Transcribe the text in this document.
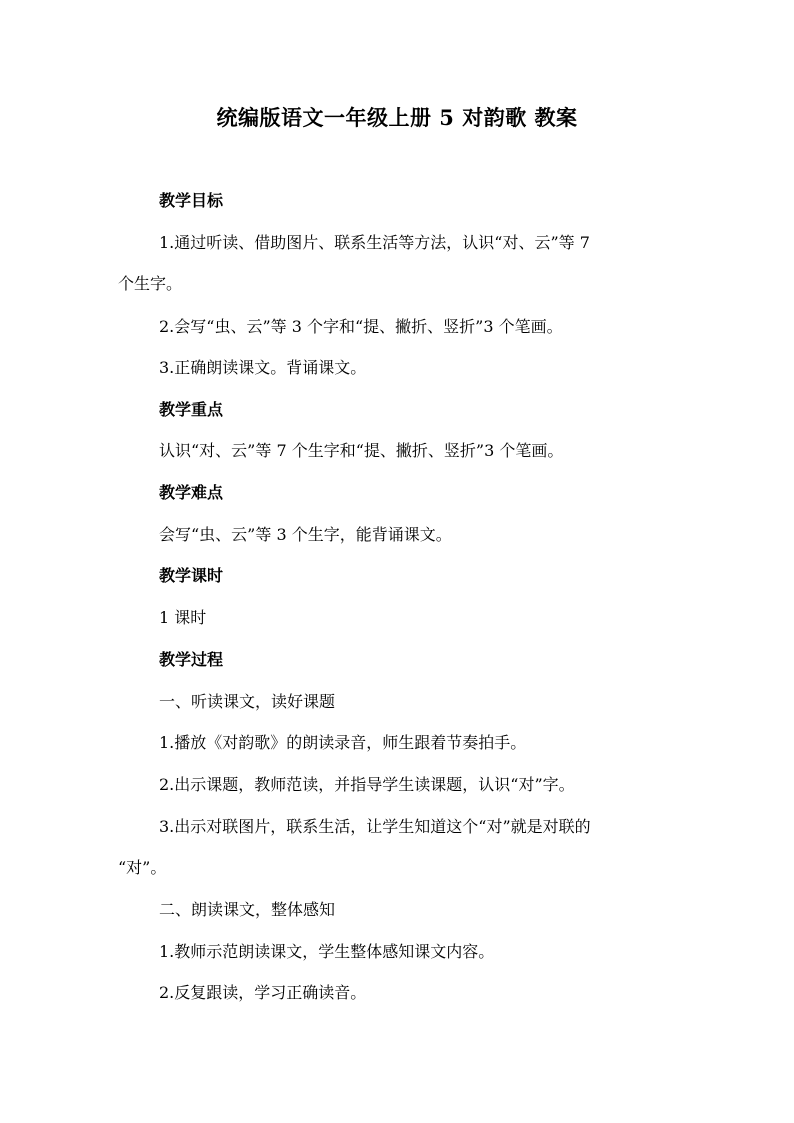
统编版语文一年级上册 5 对韵歌 教案
教学目标
1.通过听读、借助图片、联系生活等方法，认识“对、云”等 7
个生字。
2.会写“虫、云”等 3 个字和“提、撇折、竖折”3 个笔画。
3.正确朗读课文。背诵课文。
教学重点
认识“对、云”等 7 个生字和“提、撇折、竖折”3 个笔画。
教学难点
会写“虫、云”等 3 个生字，能背诵课文。
教学课时
1 课时
教学过程
一、听读课文，读好课题
1.播放《对韵歌》的朗读录音，师生跟着节奏拍手。
2.出示课题，教师范读，并指导学生读课题，认识“对”字。
3.出示对联图片，联系生活，让学生知道这个“对”就是对联的
“对”。
二、朗读课文，整体感知
1.教师示范朗读课文，学生整体感知课文内容。
2.反复跟读，学习正确读音。
